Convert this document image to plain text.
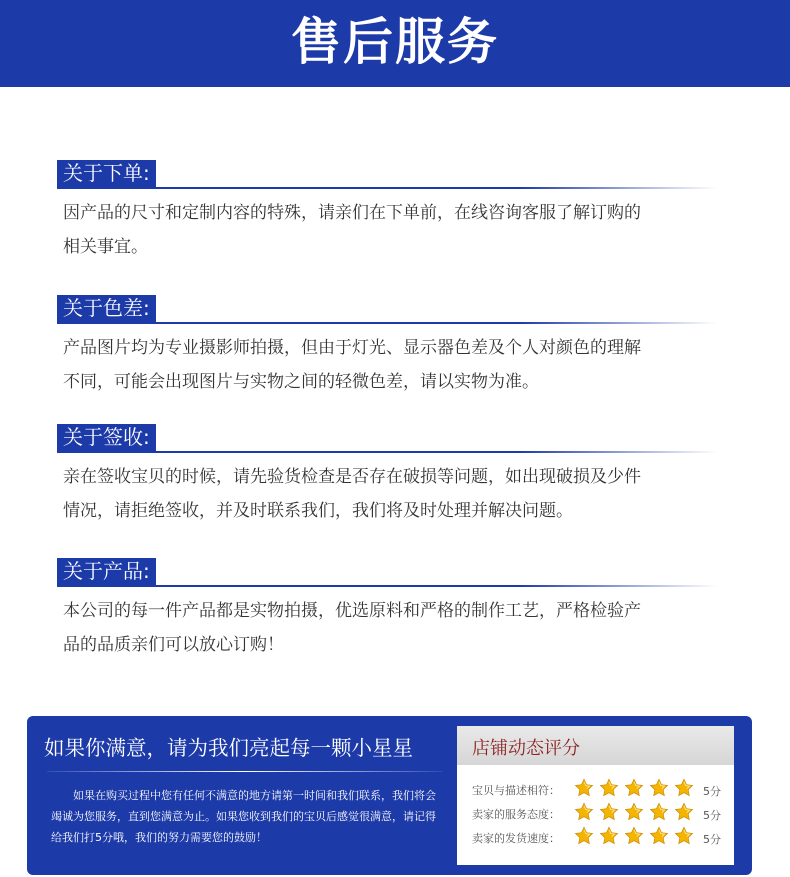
售后服务
关于下单:
因产品的尺寸和定制内容的特殊，请亲们在下单前，在线咨询客服了解订购的
相关事宜。
关于色差:
产品图片均为专业摄影师拍摄，但由于灯光、显示器色差及个人对颜色的理解
不同，可能会出现图片与实物之间的轻微色差，请以实物为准。
关于签收:
亲在签收宝贝的时候，请先验货检查是否存在破损等问题，如出现破损及少件
情况，请拒绝签收，并及时联系我们，我们将及时处理并解决问题。
关于产品:
本公司的每一件产品都是实物拍摄，优选原料和严格的制作工艺，严格检验产
品的品质亲们可以放心订购！
如果你满意，请为我们亮起每一颗小星星
如果在购买过程中您有任何不满意的地方请第一时间和我们联系，我们将会竭诚为您服务，直到您满意为止。如果您收到我们的宝贝后感觉很满意，请记得给我们打5分哦，我们的努力需要您的鼓励！
店铺动态评分
宝贝与描述相符：	5分
卖家的服务态度：	5分
卖家的发货速度：	5分
